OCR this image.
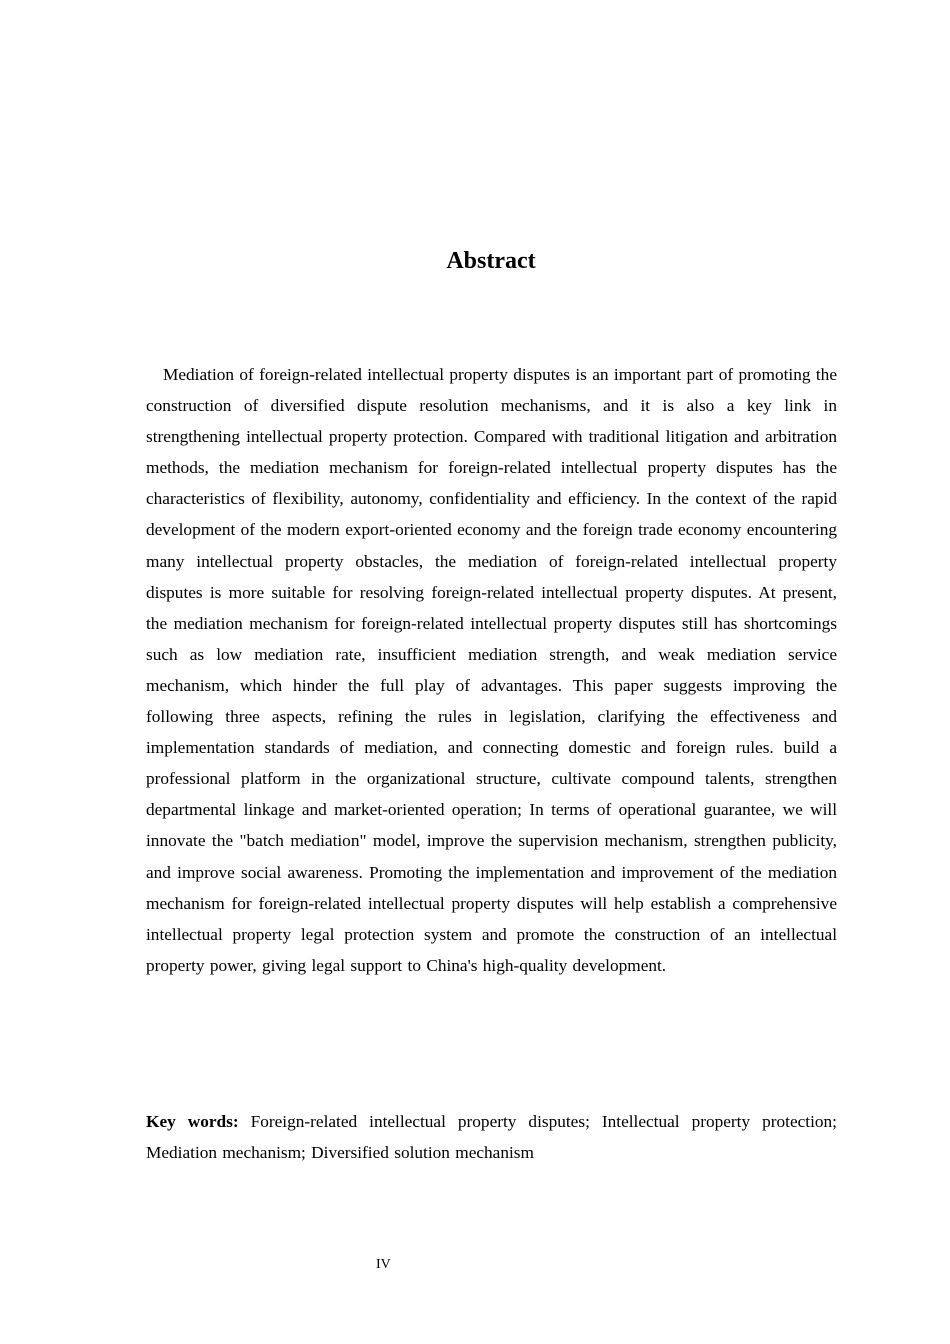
Abstract

Mediation of foreign-related intellectual property disputes is an important part of promoting the construction of diversified dispute resolution mechanisms, and it is also a key link in strengthening intellectual property protection. Compared with traditional litigation and arbitration methods, the mediation mechanism for foreign-related intellectual property disputes has the characteristics of flexibility, autonomy, confidentiality and efficiency. In the context of the rapid development of the modern export-oriented economy and the foreign trade economy encountering many intellectual property obstacles, the mediation of foreign-related intellectual property disputes is more suitable for resolving foreign-related intellectual property disputes. At present, the mediation mechanism for foreign-related intellectual property disputes still has shortcomings such as low mediation rate, insufficient mediation strength, and weak mediation service mechanism, which hinder the full play of advantages. This paper suggests improving the following three aspects, refining the rules in legislation, clarifying the effectiveness and implementation standards of mediation, and connecting domestic and foreign rules. build a professional platform in the organizational structure, cultivate compound talents, strengthen departmental linkage and market-oriented operation; In terms of operational guarantee, we will innovate the "batch mediation" model, improve the supervision mechanism, strengthen publicity, and improve social awareness. Promoting the implementation and improvement of the mediation mechanism for foreign-related intellectual property disputes will help establish a comprehensive intellectual property legal protection system and promote the construction of an intellectual property power, giving legal support to China's high-quality development.

Key words: Foreign-related intellectual property disputes; Intellectual property protection; Mediation mechanism; Diversified solution mechanism

IV
